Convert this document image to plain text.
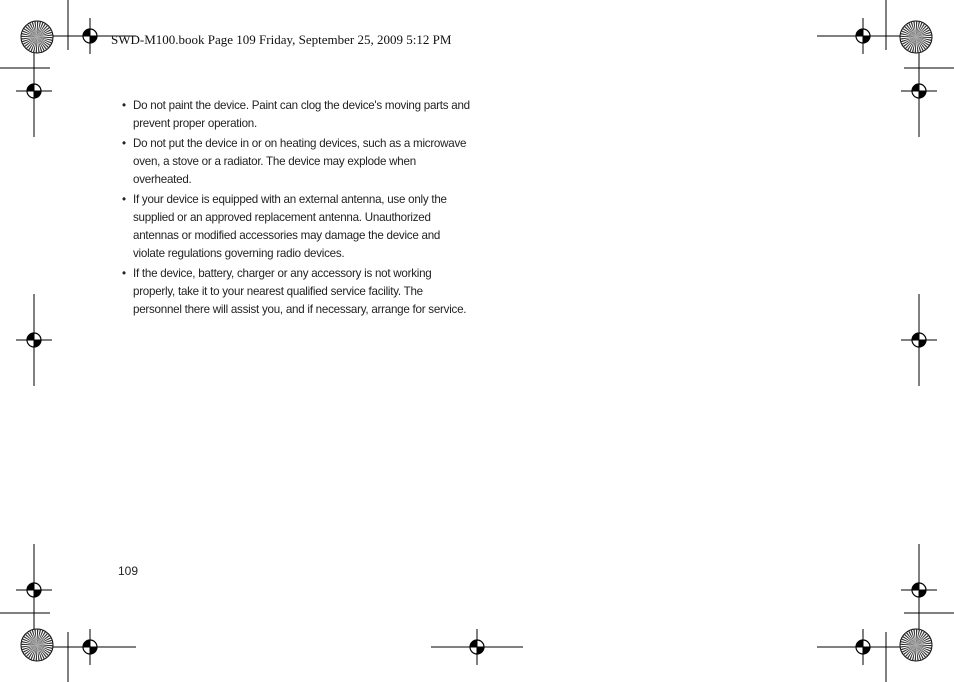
SWD-M100.book Page 109 Friday, September 25, 2009 5:12 PM
• Do not paint the device. Paint can clog the device's moving parts and prevent proper operation.
• Do not put the device in or on heating devices, such as a microwave oven, a stove or a radiator. The device may explode when overheated.
• If your device is equipped with an external antenna, use only the supplied or an approved replacement antenna. Unauthorized antennas or modified accessories may damage the device and violate regulations governing radio devices.
• If the device, battery, charger or any accessory is not working properly, take it to your nearest qualified service facility. The personnel there will assist you, and if necessary, arrange for service.
109
